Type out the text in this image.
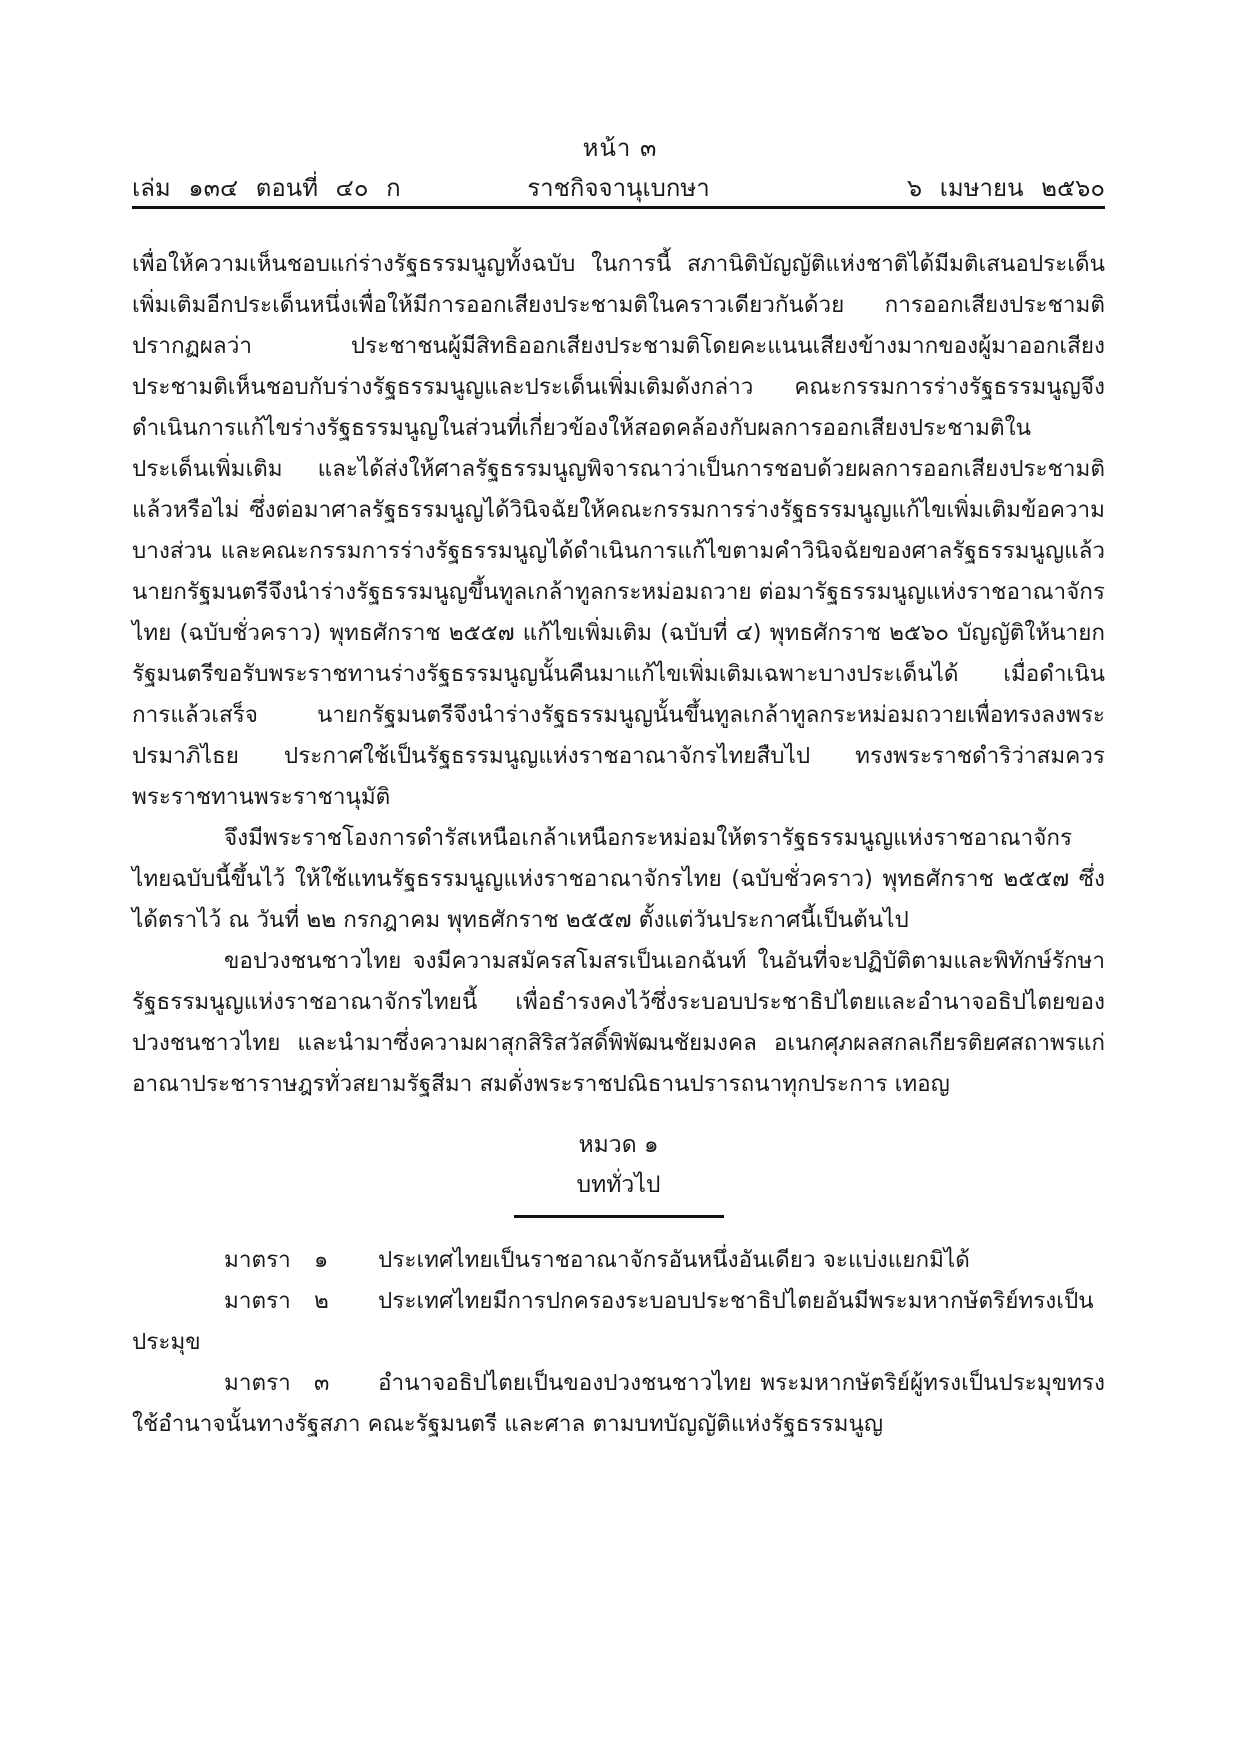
หน้า ๓
ราชกิจจานุเบกษา
เล่ม ๑๓๔ ตอนที่ ๔๐ ก	๖ เมษายน ๒๕๖๐

เพื่อให้ความเห็นชอบแก่ร่างรัฐธรรมนูญทั้งฉบับ ในการนี้ สภานิติบัญญัติแห่งชาติได้มีมติเสนอประเด็นเพิ่มเติมอีกประเด็นหนึ่งเพื่อให้มีการออกเสียงประชามติในคราวเดียวกันด้วย การออกเสียงประชามติปรากฏผลว่า ประชาชนผู้มีสิทธิออกเสียงประชามติโดยคะแนนเสียงข้างมากของผู้มาออกเสียงประชามติเห็นชอบกับร่างรัฐธรรมนูญและประเด็นเพิ่มเติมดังกล่าว คณะกรรมการร่างรัฐธรรมนูญจึงดำเนินการแก้ไขร่างรัฐธรรมนูญในส่วนที่เกี่ยวข้องให้สอดคล้องกับผลการออกเสียงประชามติในประเด็นเพิ่มเติม และได้ส่งให้ศาลรัฐธรรมนูญพิจารณาว่าเป็นการชอบด้วยผลการออกเสียงประชามติแล้วหรือไม่ ซึ่งต่อมาศาลรัฐธรรมนูญได้วินิจฉัยให้คณะกรรมการร่างรัฐธรรมนูญแก้ไขเพิ่มเติมข้อความบางส่วน และคณะกรรมการร่างรัฐธรรมนูญได้ดำเนินการแก้ไขตามคำวินิจฉัยของศาลรัฐธรรมนูญแล้ว นายกรัฐมนตรีจึงนำร่างรัฐธรรมนูญขึ้นทูลเกล้าทูลกระหม่อมถวาย ต่อมารัฐธรรมนูญแห่งราชอาณาจักรไทย (ฉบับชั่วคราว) พุทธศักราช ๒๕๕๗ แก้ไขเพิ่มเติม (ฉบับที่ ๔) พุทธศักราช ๒๕๖๐ บัญญัติให้นายกรัฐมนตรีขอรับพระราชทานร่างรัฐธรรมนูญนั้นคืนมาแก้ไขเพิ่มเติมเฉพาะบางประเด็นได้ เมื่อดำเนินการแล้วเสร็จ นายกรัฐมนตรีจึงนำร่างรัฐธรรมนูญนั้นขึ้นทูลเกล้าทูลกระหม่อมถวายเพื่อทรงลงพระปรมาภิไธย ประกาศใช้เป็นรัฐธรรมนูญแห่งราชอาณาจักรไทยสืบไป ทรงพระราชดำริว่าสมควรพระราชทานพระราชานุมัติ

จึงมีพระราชโองการดำรัสเหนือเกล้าเหนือกระหม่อมให้ตรารัฐธรรมนูญแห่งราชอาณาจักรไทยฉบับนี้ขึ้นไว้ ให้ใช้แทนรัฐธรรมนูญแห่งราชอาณาจักรไทย (ฉบับชั่วคราว) พุทธศักราช ๒๕๕๗ ซึ่งได้ตราไว้ ณ วันที่ ๒๒ กรกฎาคม พุทธศักราช ๒๕๕๗ ตั้งแต่วันประกาศนี้เป็นต้นไป

ขอปวงชนชาวไทย จงมีความสมัครสโมสรเป็นเอกฉันท์ ในอันที่จะปฏิบัติตามและพิทักษ์รักษารัฐธรรมนูญแห่งราชอาณาจักรไทยนี้ เพื่อธำรงคงไว้ซึ่งระบอบประชาธิปไตยและอำนาจอธิปไตยของปวงชนชาวไทย และนำมาซึ่งความผาสุกสิริสวัสดิ์พิพัฒนชัยมงคล อเนกศุภผลสกลเกียรติยศสถาพรแก่อาณาประชาราษฎรทั่วสยามรัฐสีมา สมดั่งพระราชปณิธานปรารถนาทุกประการ เทอญ

หมวด ๑
บททั่วไป

มาตรา ๑ ประเทศไทยเป็นราชอาณาจักรอันหนึ่งอันเดียว จะแบ่งแยกมิได้

มาตรา ๒ ประเทศไทยมีการปกครองระบอบประชาธิปไตยอันมีพระมหากษัตริย์ทรงเป็นประมุข

มาตรา ๓ อำนาจอธิปไตยเป็นของปวงชนชาวไทย พระมหากษัตริย์ผู้ทรงเป็นประมุขทรงใช้อำนาจนั้นทางรัฐสภา คณะรัฐมนตรี และศาล ตามบทบัญญัติแห่งรัฐธรรมนูญ
